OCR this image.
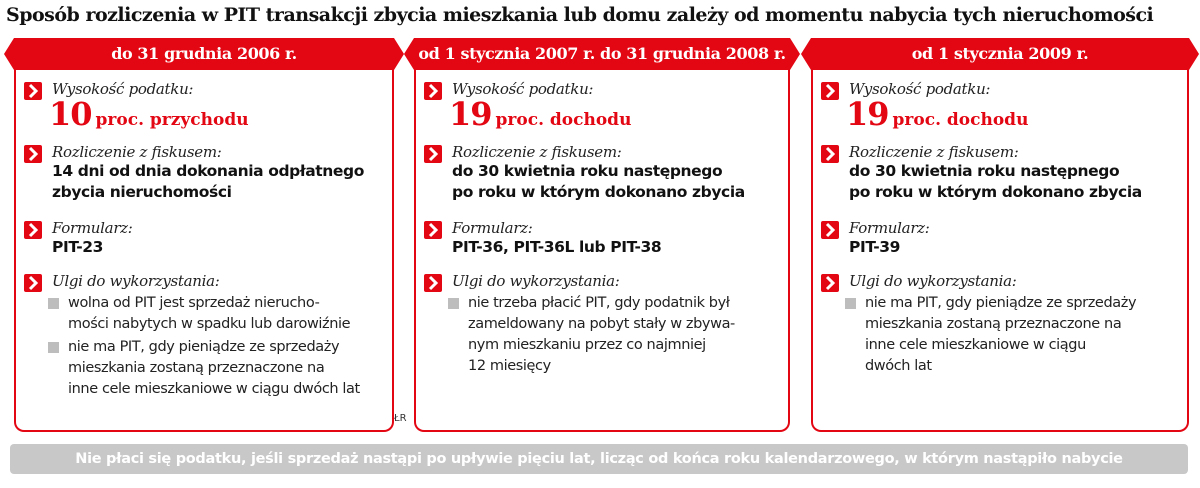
Sposób rozliczenia w PIT transakcji zbycia mieszkania lub domu zależy od momentu nabycia tych nieruchomości
do 31 grudnia 2006 r.
Wysokość podatku:
10 proc. przychodu
Rozliczenie z fiskusem:
14 dni od dnia dokonania odpłatnego
zbycia nieruchomości
Formularz:
PIT-23
Ulgi do wykorzystania:
wolna od PIT jest sprzedaż nierucho-
mości nabytych w spadku lub darowiźnie
nie ma PIT, gdy pieniądze ze sprzedaży
mieszkania zostaną przeznaczone na
inne cele mieszkaniowe w ciągu dwóch lat
od 1 stycznia 2007 r. do 31 grudnia 2008 r.
Wysokość podatku:
19 proc. dochodu
Rozliczenie z fiskusem:
do 30 kwietnia roku następnego
po roku w którym dokonano zbycia
Formularz:
PIT-36, PIT-36L lub PIT-38
Ulgi do wykorzystania:
nie trzeba płacić PIT, gdy podatnik był
zameldowany na pobyt stały w zbywa-
nym mieszkaniu przez co najmniej
12 miesięcy
od 1 stycznia 2009 r.
Wysokość podatku:
19 proc. dochodu
Rozliczenie z fiskusem:
do 30 kwietnia roku następnego
po roku w którym dokonano zbycia
Formularz:
PIT-39
Ulgi do wykorzystania:
nie ma PIT, gdy pieniądze ze sprzedaży
mieszkania zostaną przeznaczone na
inne cele mieszkaniowe w ciągu
dwóch lat
ŁR
Nie płaci się podatku, jeśli sprzedaż nastąpi po upływie pięciu lat, licząc od końca roku kalendarzowego, w którym nastąpiło nabycie
